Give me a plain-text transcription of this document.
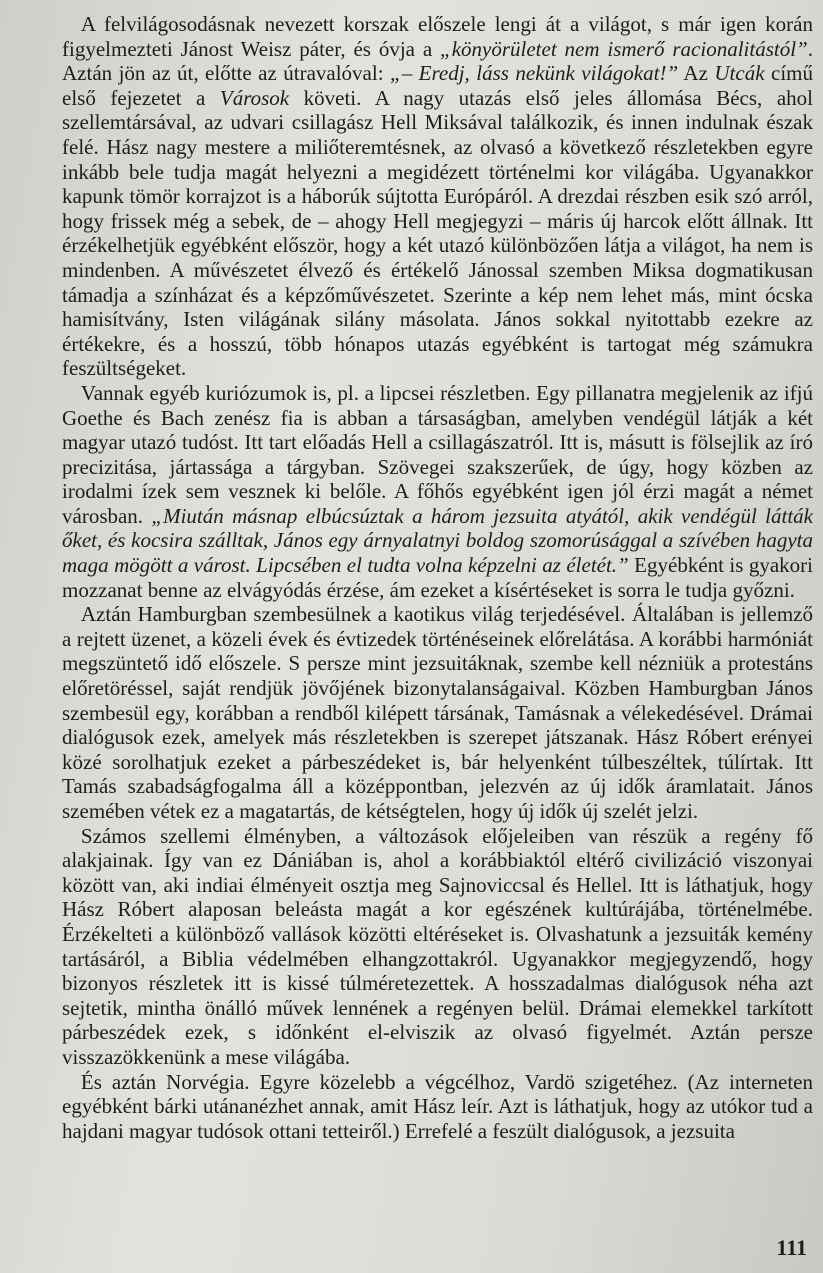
A felvilágosodásnak nevezett korszak előszele lengi át a világot, s már igen korán figyelmezteti Jánost Weisz páter, és óvja a „könyörületet nem ismerő racionalitástól”. Aztán jön az út, előtte az útravalóval: „– Eredj, láss nekünk világokat!” Az Utcák című első fejezetet a Városok követi. A nagy utazás első jeles állomása Bécs, ahol szellemtársával, az udvari csillagász Hell Miksával találkozik, és innen indulnak észak felé. Hász nagy mestere a miliőteremtésnek, az olvasó a következő részletekben egyre inkább bele tudja magát helyezni a megidézett történelmi kor világába. Ugyanakkor kapunk tömör korrajzot is a háborúk sújtotta Európáról. A drezdai részben esik szó arról, hogy frissek még a sebek, de – ahogy Hell megjegyzi – máris új harcok előtt állnak. Itt érzékelhetjük egyébként először, hogy a két utazó különbözően látja a világot, ha nem is mindenben. A művészetet élvező és értékelő Jánossal szemben Miksa dogmatikusan támadja a színházat és a képzőművészetet. Szerinte a kép nem lehet más, mint ócska hamisítvány, Isten világának silány másolata. János sokkal nyitottabb ezekre az értékekre, és a hosszú, több hónapos utazás egyébként is tartogat még számukra feszültségeket.

Vannak egyéb kuriózumok is, pl. a lipcsei részletben. Egy pillanatra megjelenik az ifjú Goethe és Bach zenész fia is abban a társaságban, amelyben vendégül látják a két magyar utazó tudóst. Itt tart előadás Hell a csillagászatról. Itt is, másutt is fölsejlik az író precizitása, jártassága a tárgyban. Szövegei szakszerűek, de úgy, hogy közben az irodalmi ízek sem vesznek ki belőle. A főhős egyébként igen jól érzi magát a német városban. „Miután másnap elbúcsúztak a három jezsuita atyától, akik vendégül látták őket, és kocsira szálltak, János egy árnyalatnyi boldog szomorúsággal a szívében hagyta maga mögött a várost. Lipcsében el tudta volna képzelni az életét.” Egyébként is gyakori mozzanat benne az elvágyódás érzése, ám ezeket a kísértéseket is sorra le tudja győzni.

Aztán Hamburgban szembesülnek a kaotikus világ terjedésével. Általában is jellemző a rejtett üzenet, a közeli évek és évtizedek történéseinek előrelátása. A korábbi harmóniát megszüntető idő előszele. S persze mint jezsuitáknak, szembe kell nézniük a protestáns előretöréssel, saját rendjük jövőjének bizonytalanságaival. Közben Hamburgban János szembesül egy, korábban a rendből kilépett társának, Tamásnak a vélekedésével. Drámai dialógusok ezek, amelyek más részletekben is szerepet játszanak. Hász Róbert erényei közé sorolhatjuk ezeket a párbeszédeket is, bár helyenként túlbeszéltek, túlírtak. Itt Tamás szabadságfogalma áll a középpontban, jelezvén az új idők áramlatait. János szemében vétek ez a magatartás, de kétségtelen, hogy új idők új szelét jelzi.

Számos szellemi élményben, a változások előjeleiben van részük a regény fő alakjainak. Így van ez Dániában is, ahol a korábbiaktól eltérő civilizáció viszonyai között van, aki indiai élményeit osztja meg Sajnoviccsal és Hellel. Itt is láthatjuk, hogy Hász Róbert alaposan beleásta magát a kor egészének kultúrájába, történelmébe. Érzékelteti a különböző vallások közötti eltéréseket is. Olvashatunk a jezsuiták kemény tartásáról, a Biblia védelmében elhangzottakról. Ugyanakkor megjegyzendő, hogy bizonyos részletek itt is kissé túlméretezettek. A hosszadalmas dialógusok néha azt sejtetik, mintha önálló művek lennének a regényen belül. Drámai elemekkel tarkított párbeszédek ezek, s időnként el-elviszik az olvasó figyelmét. Aztán persze visszazökkenünk a mese világába.

És aztán Norvégia. Egyre közelebb a végcélhoz, Vardö szigetéhez. (Az interneten egyébként bárki utánanézhet annak, amit Hász leír. Azt is láthatjuk, hogy az utókor tud a hajdani magyar tudósok ottani tetteiről.) Errefelé a feszült dialógusok, a jezsuita

111
